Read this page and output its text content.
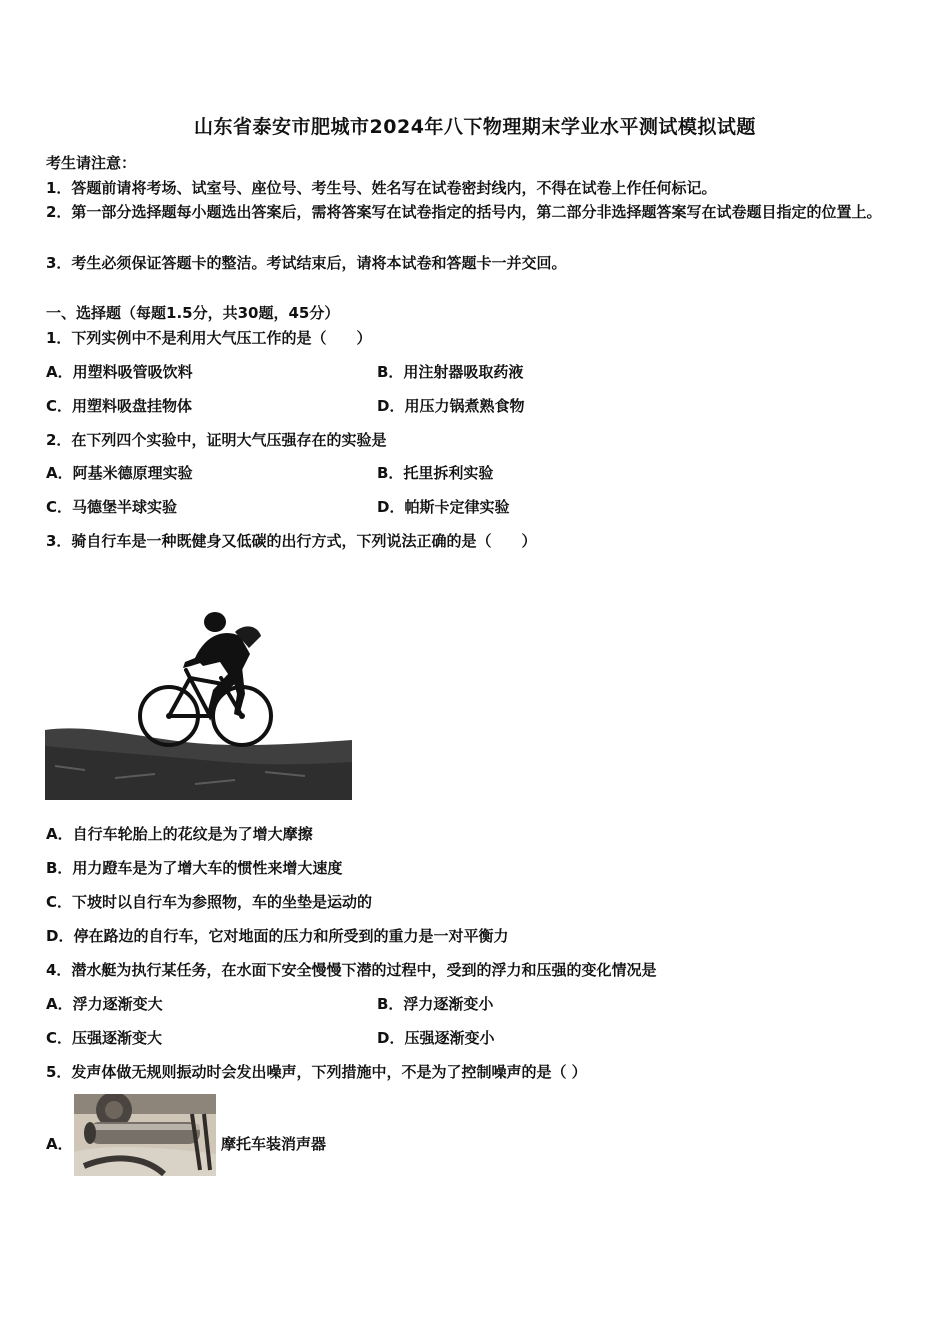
山东省泰安市肥城市2024年八下物理期末学业水平测试模拟试题
考生请注意：
1．答题前请将考场、试室号、座位号、考生号、姓名写在试卷密封线内，不得在试卷上作任何标记。
2．第一部分选择题每小题选出答案后，需将答案写在试卷指定的括号内，第二部分非选择题答案写在试卷题目指定的位置上。
3．考生必须保证答题卡的整洁。考试结束后，请将本试卷和答题卡一并交回。
一、选择题（每题1.5分，共30题，45分）
1．下列实例中不是利用大气压工作的是（　　）
A．用塑料吸管吸饮料	B．用注射器吸取药液
C．用塑料吸盘挂物体	D．用压力锅煮熟食物
2．在下列四个实验中，证明大气压强存在的实验是
A．阿基米德原理实验	B．托里拆利实验
C．马德堡半球实验	D．帕斯卡定律实验
3．骑自行车是一种既健身又低碳的出行方式，下列说法正确的是（　　）
A．自行车轮胎上的花纹是为了增大摩擦
B．用力蹬车是为了增大车的惯性来增大速度
C．下坡时以自行车为参照物，车的坐垫是运动的
D．停在路边的自行车，它对地面的压力和所受到的重力是一对平衡力
4．潜水艇为执行某任务，在水面下安全慢慢下潜的过程中，受到的浮力和压强的变化情况是
A．浮力逐渐变大	B．浮力逐渐变小
C．压强逐渐变大	D．压强逐渐变小
5．发声体做无规则振动时会发出噪声，下列措施中，不是为了控制噪声的是（ ）
A．	摩托车装消声器
